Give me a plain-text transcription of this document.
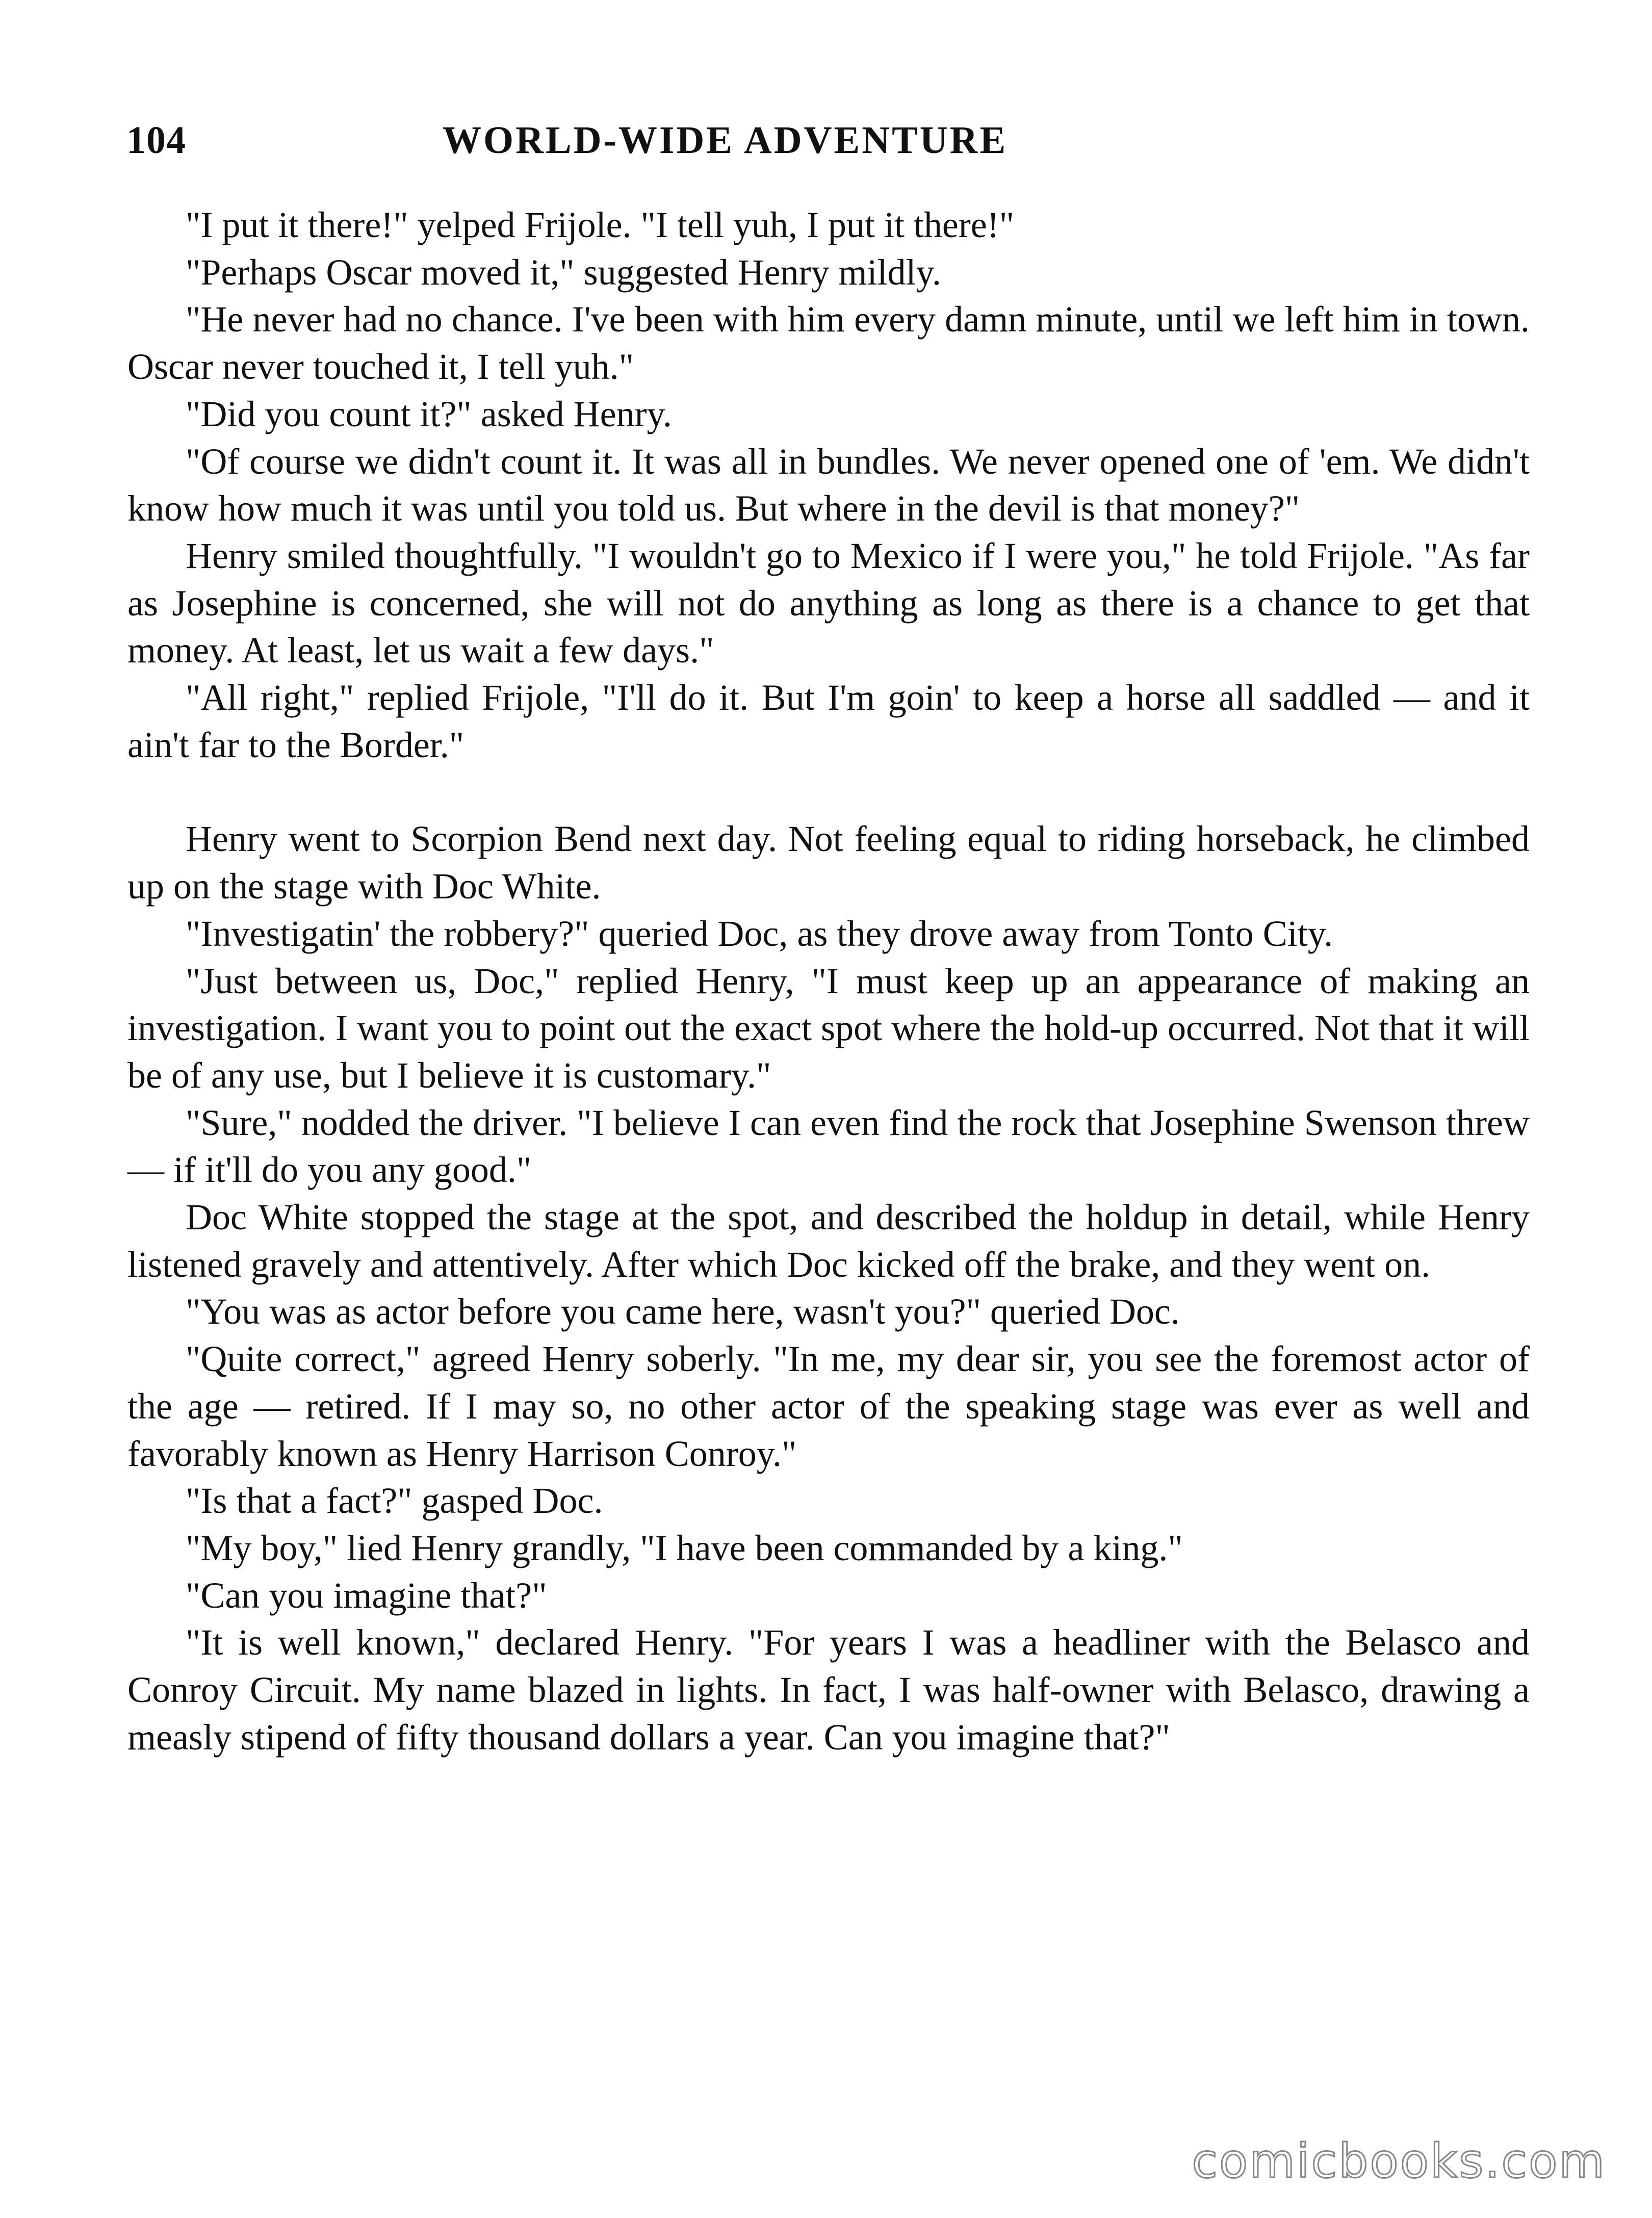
104	WORLD-WIDE ADVENTURE

"I put it there!" yelped Frijole. "I tell yuh, I put it there!"

"Perhaps Oscar moved it," suggested Henry mildly.

"He never had no chance. I've been with him every damn minute, until we left him in town. Oscar never touched it, I tell yuh."

"Did you count it?" asked Henry.

"Of course we didn't count it. It was all in bundles. We never opened one of 'em. We didn't know how much it was until you told us. But where in the devil is that money?"

Henry smiled thoughtfully. "I wouldn't go to Mexico if I were you," he told Frijole. "As far as Josephine is concerned, she will not do anything as long as there is a chance to get that money. At least, let us wait a few days."

"All right," replied Frijole, "I'll do it. But I'm goin' to keep a horse all saddled — and it ain't far to the Border."

Henry went to Scorpion Bend next day. Not feeling equal to riding horseback, he climbed up on the stage with Doc White.

"Investigatin' the robbery?" queried Doc, as they drove away from Tonto City.

"Just between us, Doc," replied Henry, "I must keep up an appearance of making an investigation. I want you to point out the exact spot where the hold-up occurred. Not that it will be of any use, but I believe it is customary."

"Sure," nodded the driver. "I believe I can even find the rock that Josephine Swenson threw — if it'll do you any good."

Doc White stopped the stage at the spot, and described the holdup in detail, while Henry listened gravely and attentively. After which Doc kicked off the brake, and they went on.

"You was as actor before you came here, wasn't you?" queried Doc.

"Quite correct," agreed Henry soberly. "In me, my dear sir, you see the foremost actor of the age — retired. If I may so, no other actor of the speaking stage was ever as well and favorably known as Henry Harrison Conroy."

"Is that a fact?" gasped Doc.

"My boy," lied Henry grandly, "I have been commanded by a king."

"Can you imagine that?"

"It is well known," declared Henry. "For years I was a headliner with the Belasco and Conroy Circuit. My name blazed in lights. In fact, I was half-owner with Belasco, drawing a measly stipend of fifty thousand dollars a year. Can you imagine that?"

comicbooks.com
